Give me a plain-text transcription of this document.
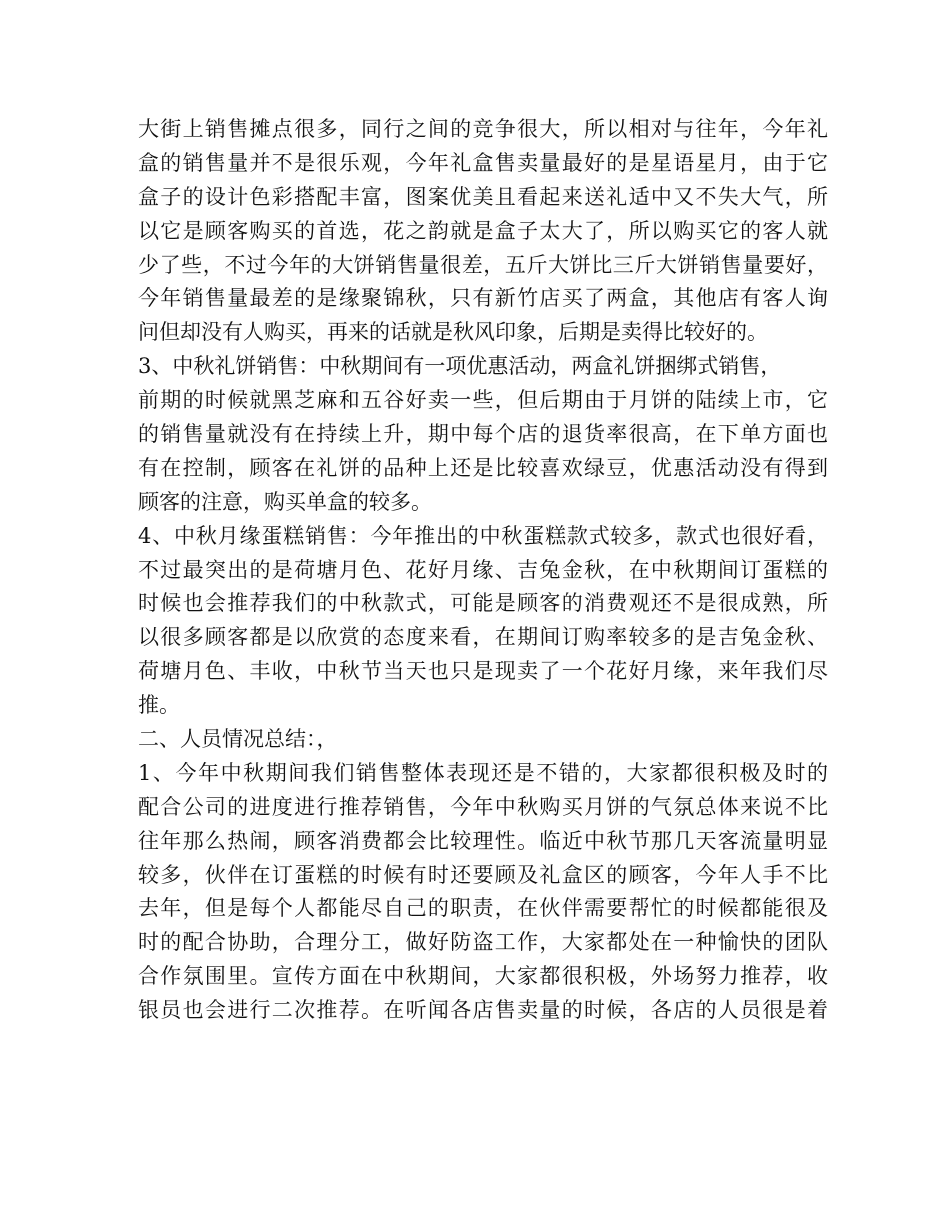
大街上销售摊点很多，同行之间的竞争很大，所以相对与往年，今年礼
盒的销售量并不是很乐观，今年礼盒售卖量最好的是星语星月，由于它
盒子的设计色彩搭配丰富，图案优美且看起来送礼适中又不失大气，所
以它是顾客购买的首选，花之韵就是盒子太大了，所以购买它的客人就
少了些，不过今年的大饼销售量很差，五斤大饼比三斤大饼销售量要好，
今年销售量最差的是缘聚锦秋，只有新竹店买了两盒，其他店有客人询
问但却没有人购买，再来的话就是秋风印象，后期是卖得比较好的。
3、中秋礼饼销售：中秋期间有一项优惠活动，两盒礼饼捆绑式销售，
前期的时候就黑芝麻和五谷好卖一些，但后期由于月饼的陆续上市，它
的销售量就没有在持续上升，期中每个店的退货率很高，在下单方面也
有在控制，顾客在礼饼的品种上还是比较喜欢绿豆，优惠活动没有得到
顾客的注意，购买单盒的较多。
4、中秋月缘蛋糕销售：今年推出的中秋蛋糕款式较多，款式也很好看，
不过最突出的是荷塘月色、花好月缘、吉兔金秋，在中秋期间订蛋糕的
时候也会推荐我们的中秋款式，可能是顾客的消费观还不是很成熟，所
以很多顾客都是以欣赏的态度来看，在期间订购率较多的是吉兔金秋、
荷塘月色、丰收，中秋节当天也只是现卖了一个花好月缘，来年我们尽
推。
二、人员情况总结：，
1、今年中秋期间我们销售整体表现还是不错的，大家都很积极及时的
配合公司的进度进行推荐销售，今年中秋购买月饼的气氛总体来说不比
往年那么热闹，顾客消费都会比较理性。临近中秋节那几天客流量明显
较多，伙伴在订蛋糕的时候有时还要顾及礼盒区的顾客，今年人手不比
去年，但是每个人都能尽自己的职责，在伙伴需要帮忙的时候都能很及
时的配合协助，合理分工，做好防盗工作，大家都处在一种愉快的团队
合作氛围里。宣传方面在中秋期间，大家都很积极，外场努力推荐，收
银员也会进行二次推荐。在听闻各店售卖量的时候，各店的人员很是着
